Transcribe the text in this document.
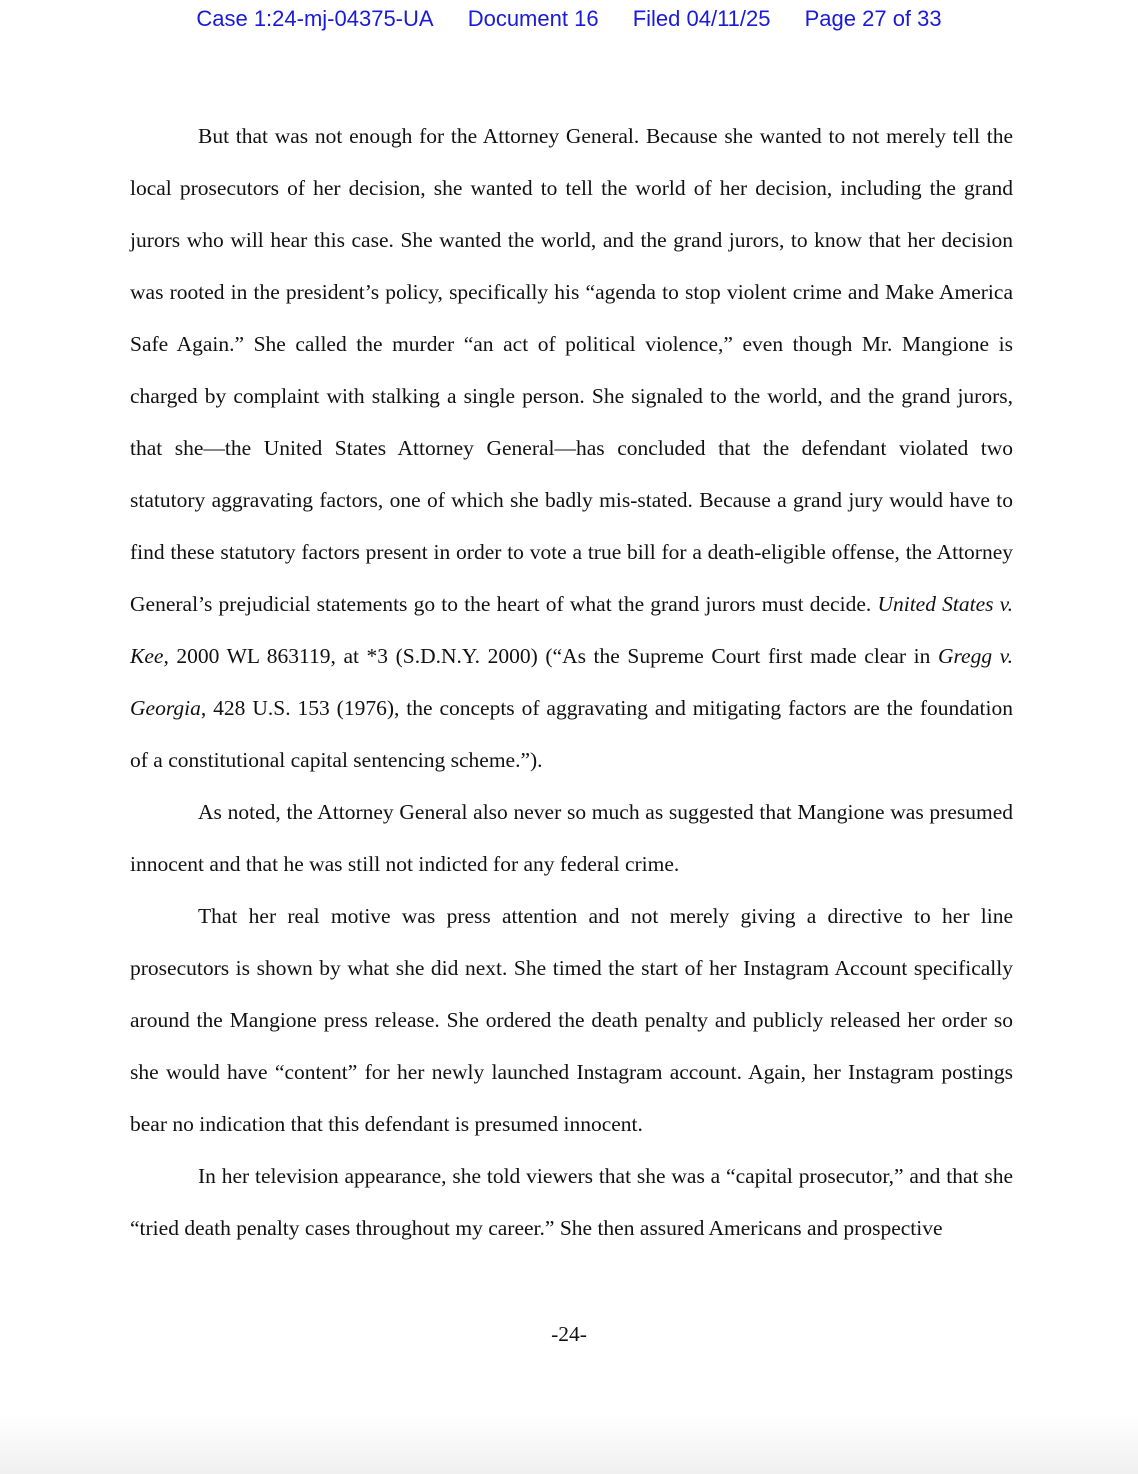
Case 1:24-mj-04375-UA Document 16 Filed 04/11/25 Page 27 of 33

But that was not enough for the Attorney General. Because she wanted to not merely tell the local prosecutors of her decision, she wanted to tell the world of her decision, including the grand jurors who will hear this case. She wanted the world, and the grand jurors, to know that her decision was rooted in the president’s policy, specifically his “agenda to stop violent crime and Make America Safe Again.” She called the murder “an act of political violence,” even though Mr. Mangione is charged by complaint with stalking a single person. She signaled to the world, and the grand jurors, that she—the United States Attorney General—has concluded that the defendant violated two statutory aggravating factors, one of which she badly mis-stated. Because a grand jury would have to find these statutory factors present in order to vote a true bill for a death-eligible offense, the Attorney General’s prejudicial statements go to the heart of what the grand jurors must decide. United States v. Kee, 2000 WL 863119, at *3 (S.D.N.Y. 2000) (“As the Supreme Court first made clear in Gregg v. Georgia, 428 U.S. 153 (1976), the concepts of aggravating and mitigating factors are the foundation of a constitutional capital sentencing scheme.”).

As noted, the Attorney General also never so much as suggested that Mangione was presumed innocent and that he was still not indicted for any federal crime.

That her real motive was press attention and not merely giving a directive to her line prosecutors is shown by what she did next. She timed the start of her Instagram Account specifically around the Mangione press release. She ordered the death penalty and publicly released her order so she would have “content” for her newly launched Instagram account. Again, her Instagram postings bear no indication that this defendant is presumed innocent.

In her television appearance, she told viewers that she was a “capital prosecutor,” and that she “tried death penalty cases throughout my career.” She then assured Americans and prospective

-24-
